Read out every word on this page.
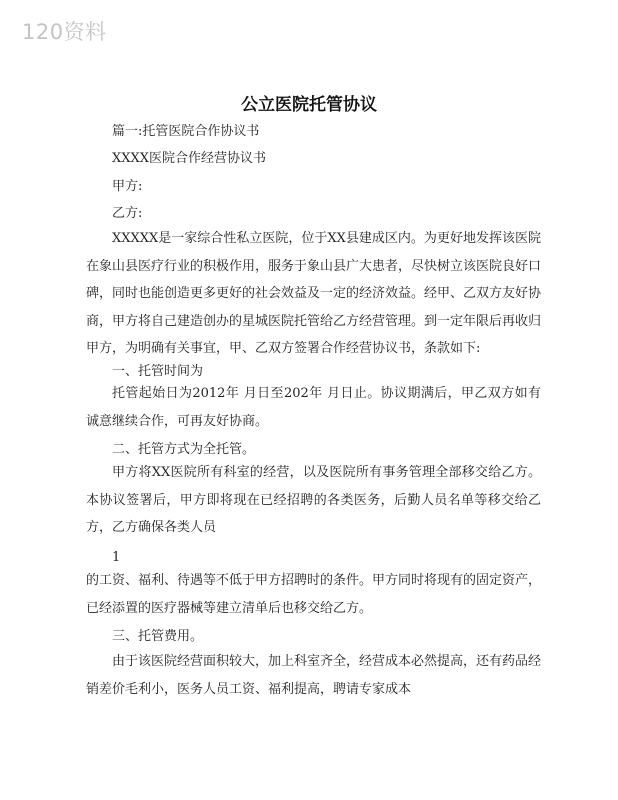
120资料
公立医院托管协议
篇一:托管医院合作协议书
XXXX医院合作经营协议书
甲方:
乙方:
XXXXX是一家综合性私立医院，位于XX县建成区内。为更好地发挥该医院在象山县医疗行业的积极作用，服务于象山县广大患者，尽快树立该医院良好口碑，同时也能创造更多更好的社会效益及一定的经济效益。经甲、乙双方友好协商，甲方将自己建造创办的星城医院托管给乙方经营管理。到一定年限后再收归甲方，为明确有关事宜，甲、乙双方签署合作经营协议书，条款如下:
一、托管时间为
托管起始日为2012年 月日至202年 月日止。协议期满后，甲乙双方如有诚意继续合作，可再友好协商。
二、托管方式为全托管。
甲方将XX医院所有科室的经营，以及医院所有事务管理全部移交给乙方。本协议签署后，甲方即将现在已经招聘的各类医务，后勤人员名单等移交给乙方，乙方确保各类人员
1
的工资、福利、待遇等不低于甲方招聘时的条件。甲方同时将现有的固定资产，已经添置的医疗器械等建立清单后也移交给乙方。
三、托管费用。
由于该医院经营面积较大，加上科室齐全，经营成本必然提高，还有药品经销差价毛利小，医务人员工资、福利提高，聘请专家成本
